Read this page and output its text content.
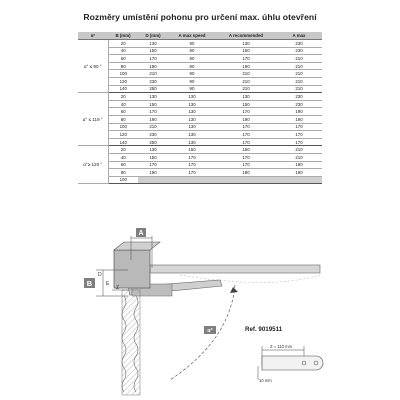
Rozměry umístění pohonu pro určení max. úhlu otevření
α°	B (mm)	D (mm)	A max speed	A recommended	A max
α° ≤ 90 °	20	130	90	130	230
	40	150	90	150	230
	60	170	90	170	210
	80	190	90	190	210
	100	210	90	210	210
	120	230	90	210	210
	140	250	90	210	210
α° ≤ 119 °	20	130	130	130	230
	40	150	130	150	230
	60	170	130	170	190
	80	190	130	190	190
	100	210	130	170	170
	120	230	130	170	170
	140	250	130	170	170
α°≥ 120 °	20	130	150	150	210
	40	150	170	170	210
	60	170	170	170	190
	80	190	170	190	190
	100				
A
B
D
E
Z
α°
Z = 110 mm
10 mm
Ref. 9019511
